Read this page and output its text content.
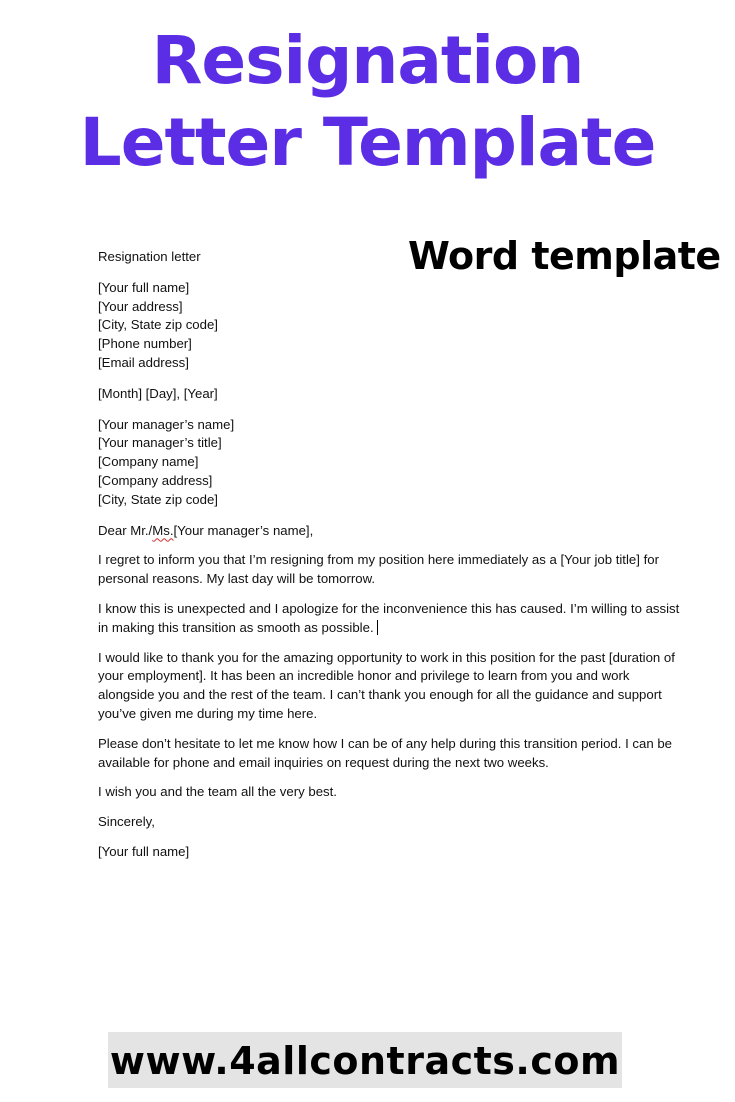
Resignation
Letter Template
Word template
Resignation letter
[Your full name]
[Your address]
[City, State zip code]
[Phone number]
[Email address]
[Month] [Day], [Year]
[Your manager’s name]
[Your manager’s title]
[Company name]
[Company address]
[City, State zip code]

Dear Mr./Ms.[Your manager’s name],

I regret to inform you that I’m resigning from my position here immediately as a [Your job title] for personal reasons. My last day will be tomorrow.

I know this is unexpected and I apologize for the inconvenience this has caused. I’m willing to assist in making this transition as smooth as possible.

I would like to thank you for the amazing opportunity to work in this position for the past [duration of your employment]. It has been an incredible honor and privilege to learn from you and work alongside you and the rest of the team. I can’t thank you enough for all the guidance and support you’ve given me during my time here.

Please don’t hesitate to let me know how I can be of any help during this transition period. I can be available for phone and email inquiries on request during the next two weeks.

I wish you and the team all the very best.

Sincerely,

[Your full name]

www.4allcontracts.com
